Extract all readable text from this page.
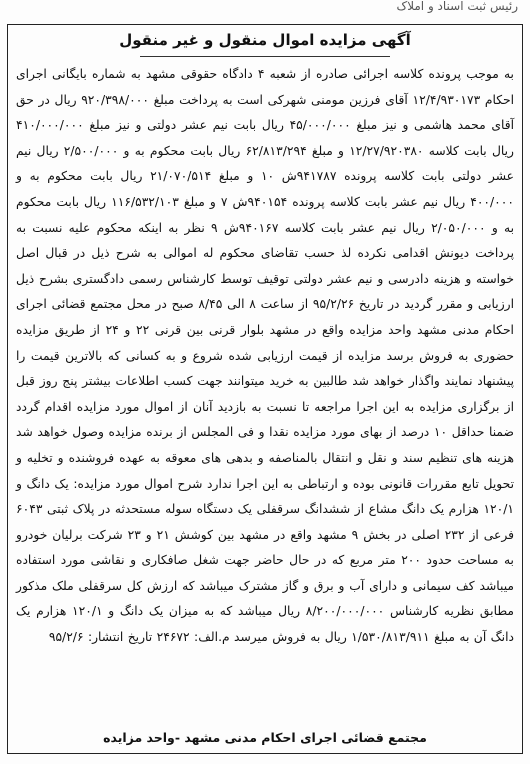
رئیس ثبت اسناد و املاک
آگهی مزایده اموال منقول و غیر منقول
به موجب پرونده کلاسه اجرائی صادره از شعبه ۴ دادگاه حقوقی مشهد به شماره بایگانی اجرای احکام ۱۲/۴/۹۳۰۱۷۳ آقای فرزین مومنی شهرکی است به پرداخت مبلغ ۹۲۰/۳۹۸/۰۰۰ ریال در حق آقای محمد هاشمی و نیز مبلغ ۴۵/۰۰۰/۰۰۰ ریال بابت نیم عشر دولتی و نیز مبلغ ۴۱۰/۰۰۰/۰۰۰ ریال بابت کلاسه ۱۲/۲۷/۹۲۰۳۸۰ و مبلغ ۶۲/۸۱۳/۲۹۴ ریال بابت محکوم به و ۲/۵۰۰/۰۰۰ ریال نیم عشر دولتی بابت کلاسه پرونده ۹۴۱۷۸۷ش ۱۰ و مبلغ ۲۱/۰۷۰/۵۱۴ ریال بابت محکوم به و ۴۰۰/۰۰۰ ریال نیم عشر بابت کلاسه پرونده ۹۴۰۱۵۴ش ۷ و مبلغ ۱۱۶/۵۳۲/۱۰۳ ریال بابت محکوم به و ۲/۰۵۰/۰۰۰ ریال نیم عشر بابت کلاسه ۹۴۰۱۶۷ش ۹ نظر به اینکه محکوم علیه نسبت به پرداخت دیونش اقدامی نکرده لذ حسب تقاضای محکوم له اموالی به شرح ذیل در قبال اصل خواسته و هزینه دادرسی و نیم عشر دولتی توقیف توسط کارشناس رسمی دادگستری بشرح ذیل ارزیابی و مقرر گردید در تاریخ ۹۵/۲/۲۶ از ساعت ۸ الی ۸/۴۵ صبح در محل مجتمع قضائی اجرای احکام مدنی مشهد واحد مزایده واقع در مشهد بلوار قرنی بین قرنی ۲۲ و ۲۴ از طریق مزایده حضوری به فروش برسد مزایده از قیمت ارزیابی شده شروع و به کسانی که بالاترین قیمت را پیشنهاد نمایند واگذار خواهد شد طالبین به خرید میتوانند جهت کسب اطلاعات بیشتر پنج روز قبل از برگزاری مزایده به این اجرا مراجعه تا نسبت به بازدید آنان از اموال مورد مزایده اقدام گردد ضمنا حداقل ۱۰ درصد از بهای مورد مزایده نقدا و فی المجلس از برنده مزایده وصول خواهد شد هزینه های تنظیم سند و نقل و انتقال بالمناصفه و بدهی های معوقه به عهده فروشنده و تخلیه و تحویل تابع مقررات قانونی بوده و ارتباطی به این اجرا ندارد شرح اموال مورد مزایده: یک دانگ و ۱۲۰/۱ هزارم یک دانگ مشاع از ششدانگ سرقفلی یک دستگاه سوله مستحدثه در پلاک ثبتی ۶۰۴۳ فرعی از ۲۳۲ اصلی در بخش ۹ مشهد واقع در مشهد بین کوشش ۲۱ و ۲۳ شرکت برلیان خودرو به مساحت حدود ۲۰۰ متر مربع که در حال حاضر جهت شغل صافکاری و نقاشی مورد استفاده میباشد کف سیمانی و دارای آب و برق و گاز مشترک میباشد که ارزش کل سرقفلی ملک مذکور مطابق نظریه کارشناس ۸/۲۰۰/۰۰۰/۰۰۰ ریال میباشد که به میزان یک دانگ و ۱۲۰/۱ هزارم یک دانگ آن به مبلغ ۱/۵۳۰/۸۱۳/۹۱۱ ریال به فروش میرسد م.الف: ۲۴۶۷۲ تاریخ انتشار: ۹۵/۲/۶
مجتمع قضائی اجرای احکام مدنی مشهد -واحد مزایده
